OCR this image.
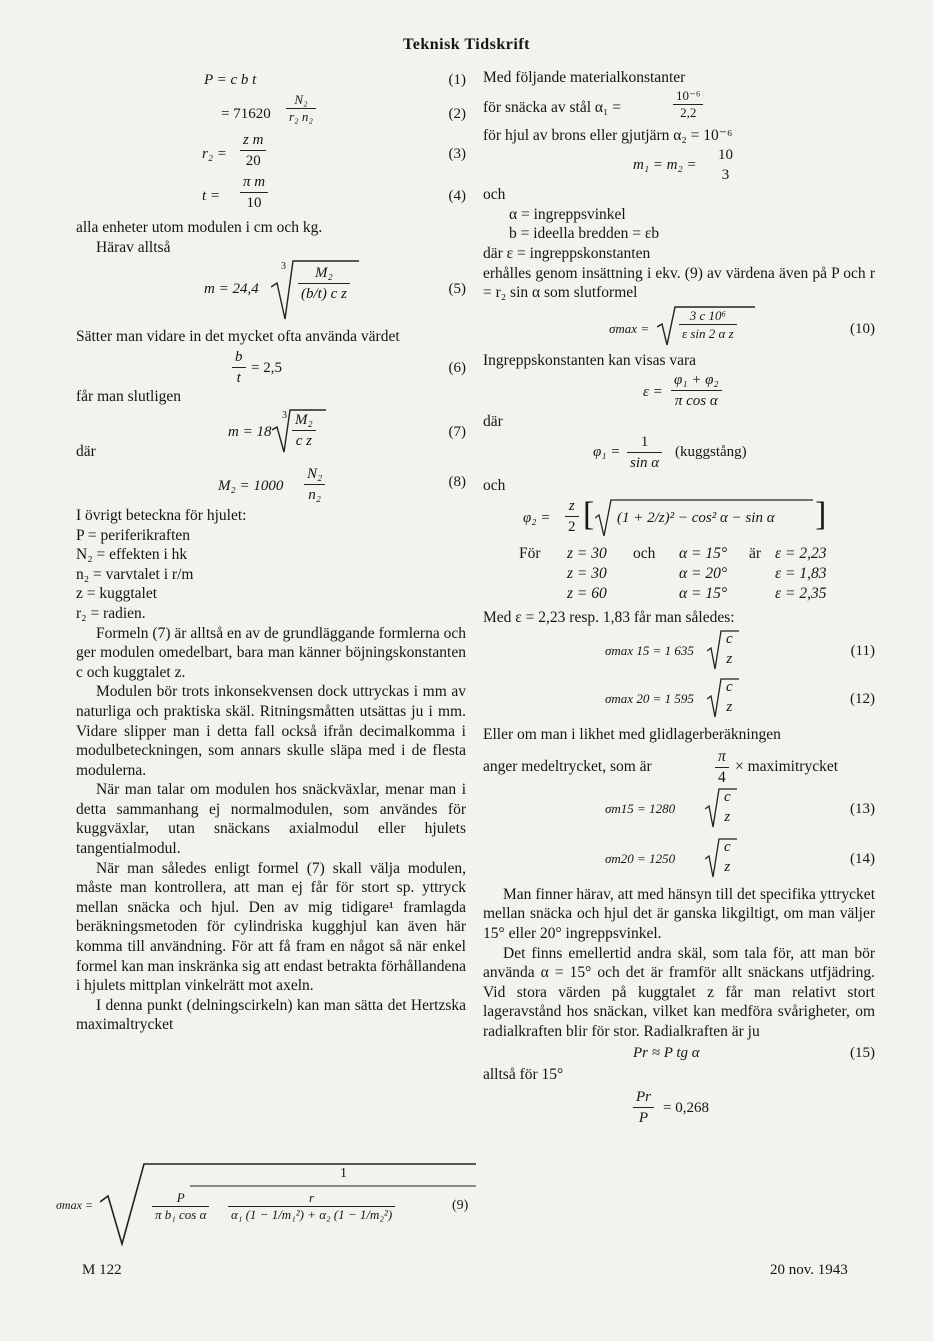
Teknisk Tidskrift
P = c b t	(1)
= $71620 \frac{\text{N₂}}{\text{r₂ n₂}}$	(2)
$r_2 = \frac{\text{z m}}{20}$	(3)
$t = \frac{\text{π m}}{10}$	(4)

alla enheter utom modulen i cm och kg.

Härav alltså

m = 24,4
$3 \frac{\text{M₂}}{\text{(b/t) c z}}$	(5)

Sätter man vidare in det mycket ofta använda värdet

$\frac{b}{t} = 2,5$	(6)

får man slutligen

m = 18
$3 \frac{\text{M₂}}{\text{c z}}$	(7)

där

$M_2 = 1000 \frac{\text{N₂}}{\text{n₂}}$	(8)

I övrigt beteckna för hjulet:

P = periferikraften

N₂ = effekten i hk

n₂ = varvtalet i r/m

z = kuggtalet

r₂ = radien.

Formeln (7) är alltså en av de grundläggande formlerna och ger modulen omedelbart, bara man känner böjningskonstanten c och kuggtalet z.

Modulen bör trots inkonsekvensen dock uttryckas i mm av naturliga och praktiska skäl. Ritningsmåtten utsättas ju i mm. Vidare slipper man i detta fall också ifrån decimalkomma i modulbeteckningen, som annars skulle släpa med i de flesta modulerna.

När man talar om modulen hos snäckväxlar, menar man i detta sammanhang ej normalmodulen, som användes för kuggväxlar, utan snäckans axialmodul eller hjulets tangentialmodul.

När man således enligt formel (7) skall välja modulen, måste man kontrollera, att man ej får för stort sp. yttryck mellan snäcka och hjul. Den av mig tidigare¹ framlagda beräkningsmetoden för cylindriska kugghjul kan även här komma till användning. För att få fram en något så när enkel formel kan man inskränka sig att endast betrakta förhållandena i hjulets mittplan vinkelrätt mot axeln.

I denna punkt (delningscirkeln) kan man sätta det Hertzska maximaltrycket

σmax =
1
$\frac{P}{\text{π b₁ cos α}} \frac{r}{\text{α₁ (1 − 1/m₁²) + α₂ (1 − 1/m₂²)}}$	(9)
M 122

Med följande materialkonstanter

för snäcka av stål α₁ =	$\frac{\text{10⁻⁶}}{2,2}$

för hjul av brons eller gjutjärn α₂ = 10⁻⁶

m₁ = m₂ =
10
3

och

α = ingreppsvinkel

b = ideella bredden = εb

där ε = ingreppskonstanten

erhålles genom insättning i ekv. (9) av värdena även på P och r = r₂ sin α som slutformel

$\sigma\max = \frac{\text{3 c 10⁶}}{\text{ε sin 2 α z}}$	(10)

Ingreppskonstanten kan visas vara

$\varepsilon = \frac{\text{φ₁ + φ₂}}{\text{π cos α}}$

där

$\varphi_1 = \frac{1}{\text{sin α}}$ (kuggstång)

och

$\varphi_2 = \frac{z}{2}$ [ (1 + 2/z)² − cos² α − sin α ]
För z = 30 och α = 15° är ε = 2,23
z = 30	α = 20°	ε = 1,83
z = 60	α = 15°	ε = 2,35

Med ε = 2,23 resp. 1,83 får man således:

σmax 15 = 1 635
c
z	(11)
σmax 20 = 1 595
c
z	(12)

Eller om man i likhet med glidlagerberäkningen

anger medeltrycket, som är	$\frac{\pi}{4}$ × maximitrycket
σm15 = 1280
c
z	(13)
σm20 = 1250
c
z	(14)

Man finner härav, att med hänsyn till det specifika yttrycket mellan snäcka och hjul det är ganska likgiltigt, om man väljer 15° eller 20° ingreppsvinkel.

Det finns emellertid andra skäl, som tala för, att man bör använda α = 15° och det är framför allt snäckans utfjädring. Vid stora värden på kuggtalet z får man relativt stort lageravstånd hos snäckan, vilket kan medföra svårigheter, om radialkraften blir för stor. Radialkraften är ju

Pr ≈ P tg α	(15)

alltså för 15°

$\frac{Pr}{P} = 0,268$
20 nov. 1943
